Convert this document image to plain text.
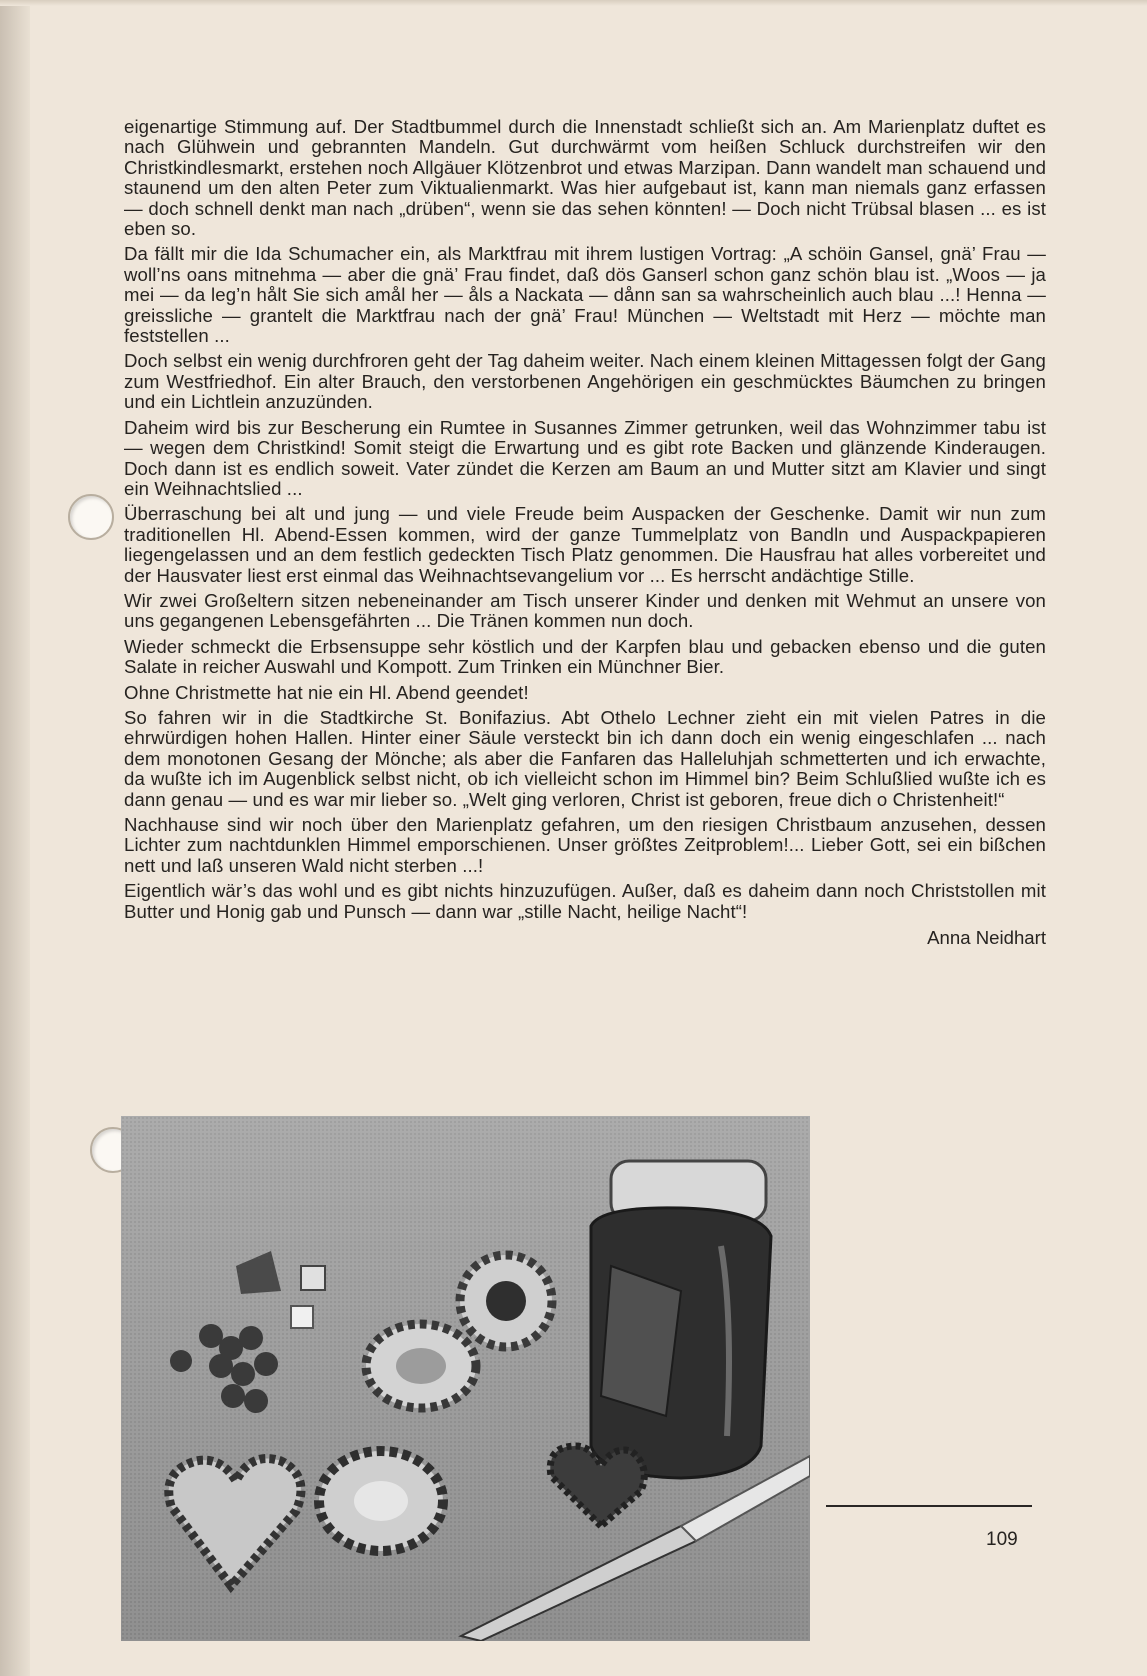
eigenartige Stimmung auf. Der Stadtbummel durch die Innenstadt schließt sich an. Am Marienplatz duftet es nach Glühwein und gebrannten Mandeln. Gut durchwärmt vom heißen Schluck durchstreifen wir den Christkindlesmarkt, erstehen noch Allgäuer Klötzenbrot und etwas Marzipan. Dann wandelt man schauend und staunend um den alten Peter zum Viktualienmarkt. Was hier aufgebaut ist, kann man niemals ganz erfassen — doch schnell denkt man nach „drüben“, wenn sie das sehen könnten! — Doch nicht Trübsal blasen ... es ist eben so.

Da fällt mir die Ida Schumacher ein, als Marktfrau mit ihrem lustigen Vortrag: „A schöin Gansel, gnä’ Frau — woll’ns oans mitnehma — aber die gnä’ Frau findet, daß dös Ganserl schon ganz schön blau ist. „Woos — ja mei — da leg’n hålt Sie sich amål her — åls a Nackata — dånn san sa wahrscheinlich auch blau ...! Henna — greissliche — grantelt die Marktfrau nach der gnä’ Frau! München — Weltstadt mit Herz — möchte man feststellen ...

Doch selbst ein wenig durchfroren geht der Tag daheim weiter. Nach einem kleinen Mittagessen folgt der Gang zum Westfriedhof. Ein alter Brauch, den verstorbenen Angehörigen ein geschmücktes Bäumchen zu bringen und ein Lichtlein anzuzünden.

Daheim wird bis zur Bescherung ein Rumtee in Susannes Zimmer getrunken, weil das Wohnzimmer tabu ist — wegen dem Christkind! Somit steigt die Erwartung und es gibt rote Backen und glänzende Kinderaugen. Doch dann ist es endlich soweit. Vater zündet die Kerzen am Baum an und Mutter sitzt am Klavier und singt ein Weihnachtslied ...

Überraschung bei alt und jung — und viele Freude beim Auspacken der Geschenke. Damit wir nun zum traditionellen Hl. Abend-Essen kommen, wird der ganze Tummelplatz von Bandln und Auspackpapieren liegengelassen und an dem festlich gedeckten Tisch Platz genommen. Die Hausfrau hat alles vorbereitet und der Hausvater liest erst einmal das Weihnachtsevangelium vor ... Es herrscht andächtige Stille.

Wir zwei Großeltern sitzen nebeneinander am Tisch unserer Kinder und denken mit Wehmut an unsere von uns gegangenen Lebensgefährten ... Die Tränen kommen nun doch.

Wieder schmeckt die Erbsensuppe sehr köstlich und der Karpfen blau und gebacken ebenso und die guten Salate in reicher Auswahl und Kompott. Zum Trinken ein Münchner Bier.

Ohne Christmette hat nie ein Hl. Abend geendet!

So fahren wir in die Stadtkirche St. Bonifazius. Abt Othelo Lechner zieht ein mit vielen Patres in die ehrwürdigen hohen Hallen. Hinter einer Säule versteckt bin ich dann doch ein wenig eingeschlafen ... nach dem monotonen Gesang der Mönche; als aber die Fanfaren das Halleluhjah schmetterten und ich erwachte, da wußte ich im Augenblick selbst nicht, ob ich vielleicht schon im Himmel bin? Beim Schlußlied wußte ich es dann genau — und es war mir lieber so. „Welt ging verloren, Christ ist geboren, freue dich o Christenheit!“

Nachhause sind wir noch über den Marienplatz gefahren, um den riesigen Christbaum anzusehen, dessen Lichter zum nachtdunklen Himmel emporschienen. Unser größtes Zeitproblem!... Lieber Gott, sei ein bißchen nett und laß unseren Wald nicht sterben ...!

Eigentlich wär’s das wohl und es gibt nichts hinzuzufügen. Außer, daß es daheim dann noch Christstollen mit Butter und Honig gab und Punsch — dann war „stille Nacht, heilige Nacht“!

Anna Neidhart
109
